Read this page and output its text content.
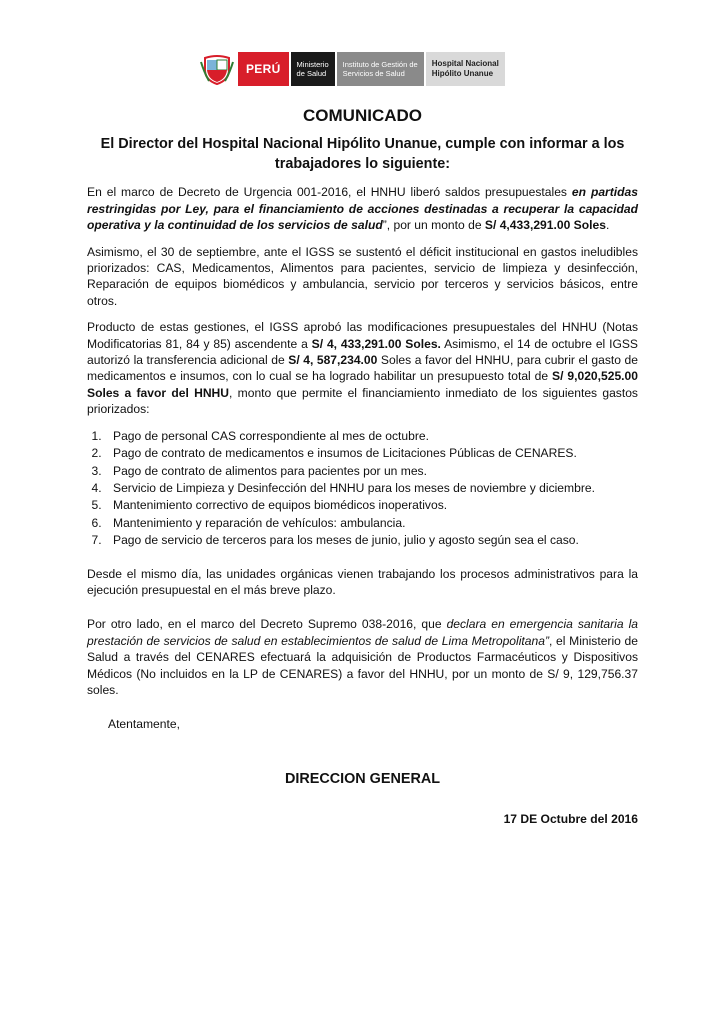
PERÚ Ministerio
de Salud
Instituto de Gestión de
Servicios de Salud
Hospital Nacional
Hipólito Unanue
COMUNICADO
El Director del Hospital Nacional Hipólito Unanue, cumple con informar a los trabajadores lo siguiente:

En el marco de Decreto de Urgencia 001-2016, el HNHU liberó saldos presupuestales en partidas restringidas por Ley, para el financiamiento de acciones destinadas a recuperar la capacidad operativa y la continuidad de los servicios de salud”, por un monto de S/ 4,433,291.00 Soles.

Asimismo, el 30 de septiembre, ante el IGSS se sustentó el déficit institucional en gastos ineludibles priorizados: CAS, Medicamentos, Alimentos para pacientes, servicio de limpieza y desinfección, Reparación de equipos biomédicos y ambulancia, servicio por terceros y servicios básicos, entre otros.

Producto de estas gestiones, el IGSS aprobó las modificaciones presupuestales del HNHU (Notas Modificatorias 81, 84 y 85) ascendente a S/ 4, 433,291.00 Soles. Asimismo, el 14 de octubre el IGSS autorizó la transferencia adicional de S/ 4, 587,234.00 Soles a favor del HNHU, para cubrir el gasto de medicamentos e insumos, con lo cual se ha logrado habilitar un presupuesto total de S/ 9,020,525.00 Soles a favor del HNHU, monto que permite el financiamiento inmediato de los siguientes gastos priorizados:

1. Pago de personal CAS correspondiente al mes de octubre.
2. Pago de contrato de medicamentos e insumos de Licitaciones Públicas de CENARES.
3. Pago de contrato de alimentos para pacientes por un mes.
4. Servicio de Limpieza y Desinfección del HNHU para los meses de noviembre y diciembre.
5. Mantenimiento correctivo de equipos biomédicos inoperativos.
6. Mantenimiento y reparación de vehículos: ambulancia.
7. Pago de servicio de terceros para los meses de junio, julio y agosto según sea el caso.

Desde el mismo día, las unidades orgánicas vienen trabajando los procesos administrativos para la ejecución presupuestal en el más breve plazo.

Por otro lado, en el marco del Decreto Supremo 038-2016, que declara en emergencia sanitaria la prestación de servicios de salud en establecimientos de salud de Lima Metropolitana”, el Ministerio de Salud a través del CENARES efectuará la adquisición de Productos Farmacéuticos y Dispositivos Médicos (No incluidos en la LP de CENARES) a favor del HNHU, por un monto de S/ 9, 129,756.37 soles.

Atentamente,
DIRECCION GENERAL
17 DE Octubre del 2016
